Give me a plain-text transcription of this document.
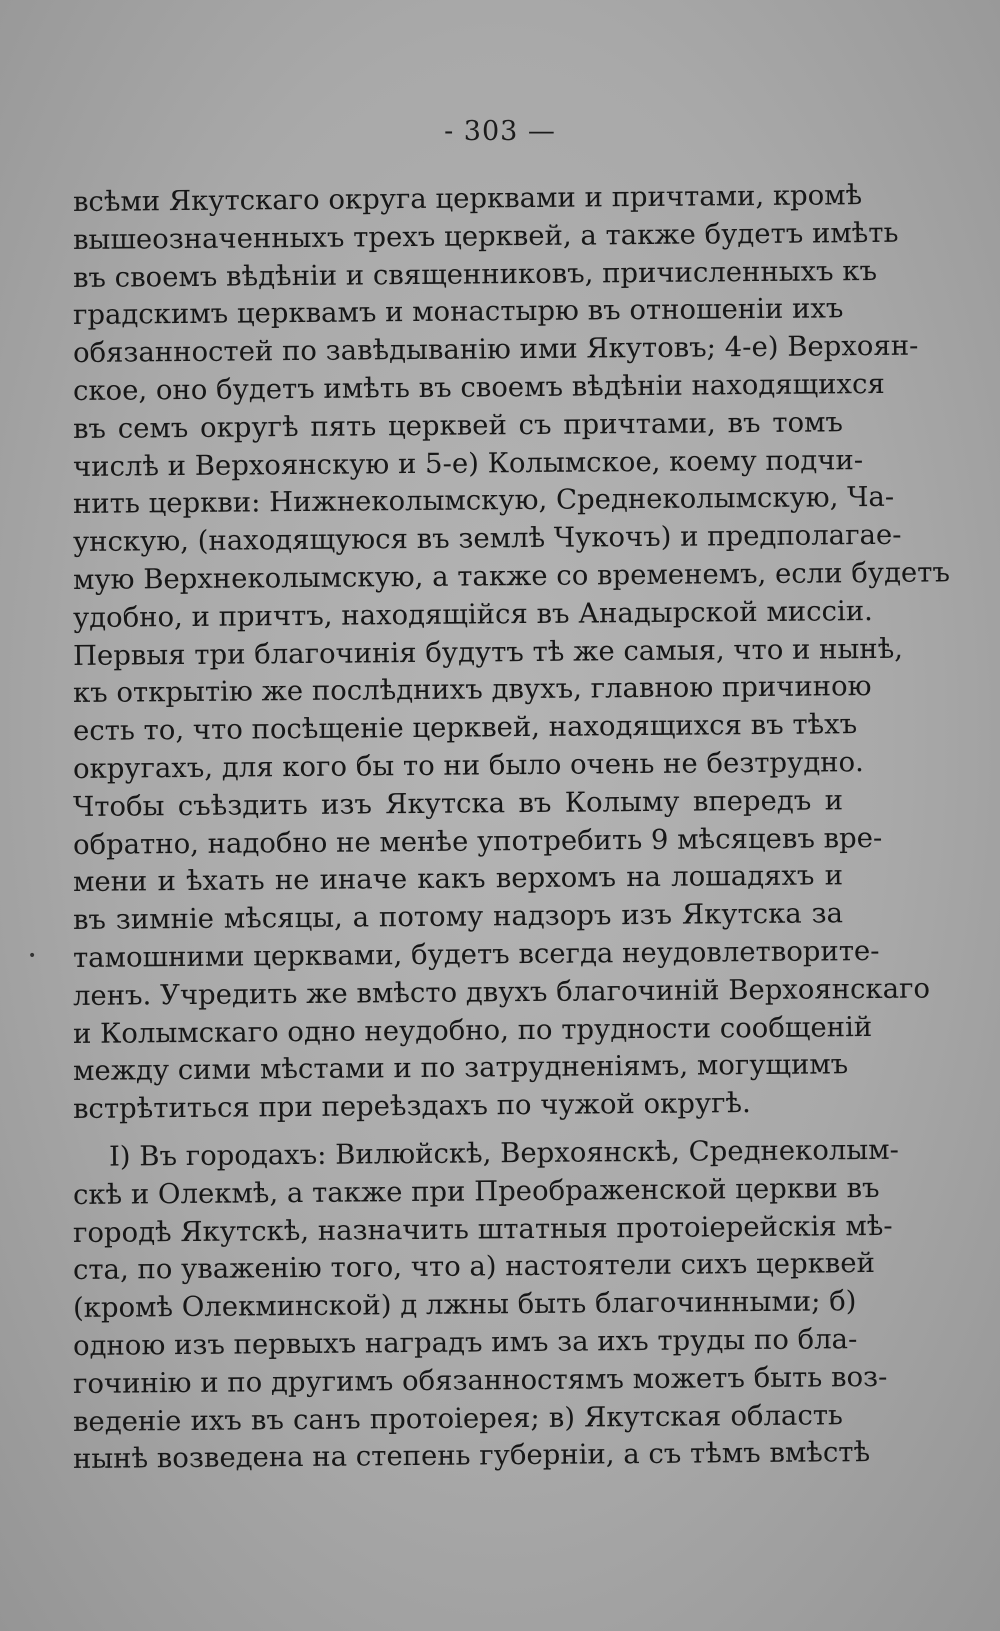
- 303 —
•
всѣми Якутскаго округа церквами и причтами, кромѣ
вышеозначенныхъ трехъ церквей, а также будетъ имѣть
въ своемъ вѣдѣніи и священниковъ, причисленныхъ къ
градскимъ церквамъ и монастырю въ отношеніи ихъ
обязанностей по завѣдыванію ими Якутовъ; 4-е) Верхоян-
ское, оно будетъ имѣть въ своемъ вѣдѣніи находящихся
въ семъ округѣ пять церквей съ причтами, въ томъ
числѣ и Верхоянскую и 5-е) Колымское, коему подчи-
нить церкви: Нижнеколымскую, Среднеколымскую, Ча-
унскую, (находящуюся въ землѣ Чукочъ) и предполагае-
мую Верхнеколымскую, а также со временемъ, если будетъ
удобно, и причтъ, находящійся въ Анадырской миссіи.
Первыя три благочинія будутъ тѣ же самыя, что и нынѣ,
къ открытію же послѣднихъ двухъ, главною причиною
есть то, что посѣщеніе церквей, находящихся въ тѣхъ
округахъ, для кого бы то ни было очень не безтрудно.
Чтобы съѣздить изъ Якутска въ Колыму впередъ и
обратно, надобно не менѣе употребить 9 мѣсяцевъ вре-
мени и ѣхать не иначе какъ верхомъ на лошадяхъ и
въ зимніе мѣсяцы, а потому надзоръ изъ Якутска за
тамошними церквами, будетъ всегда неудовлетворите-
ленъ. Учредить же вмѣсто двухъ благочиній Верхоянскаго
и Колымскаго одно неудобно, по трудности сообщеній
между сими мѣстами и по затрудненіямъ, могущимъ
встрѣтиться при переѣздахъ по чужой округѣ.
I) Въ городахъ: Вилюйскѣ, Верхоянскѣ, Среднеколым-
скѣ и Олекмѣ, а также при Преображенской церкви въ
городѣ Якутскѣ, назначить штатныя протоіерейскія мѣ-
ста, по уваженію того, что а) настоятели сихъ церквей
(кромѣ Олекминской) д лжны быть благочинными; б)
одною изъ первыхъ наградъ имъ за ихъ труды по бла-
гочинію и по другимъ обязанностямъ можетъ быть воз-
веденіе ихъ въ санъ протоіерея; в) Якутская область
нынѣ возведена на степень губерніи, а съ тѣмъ вмѣстѣ
